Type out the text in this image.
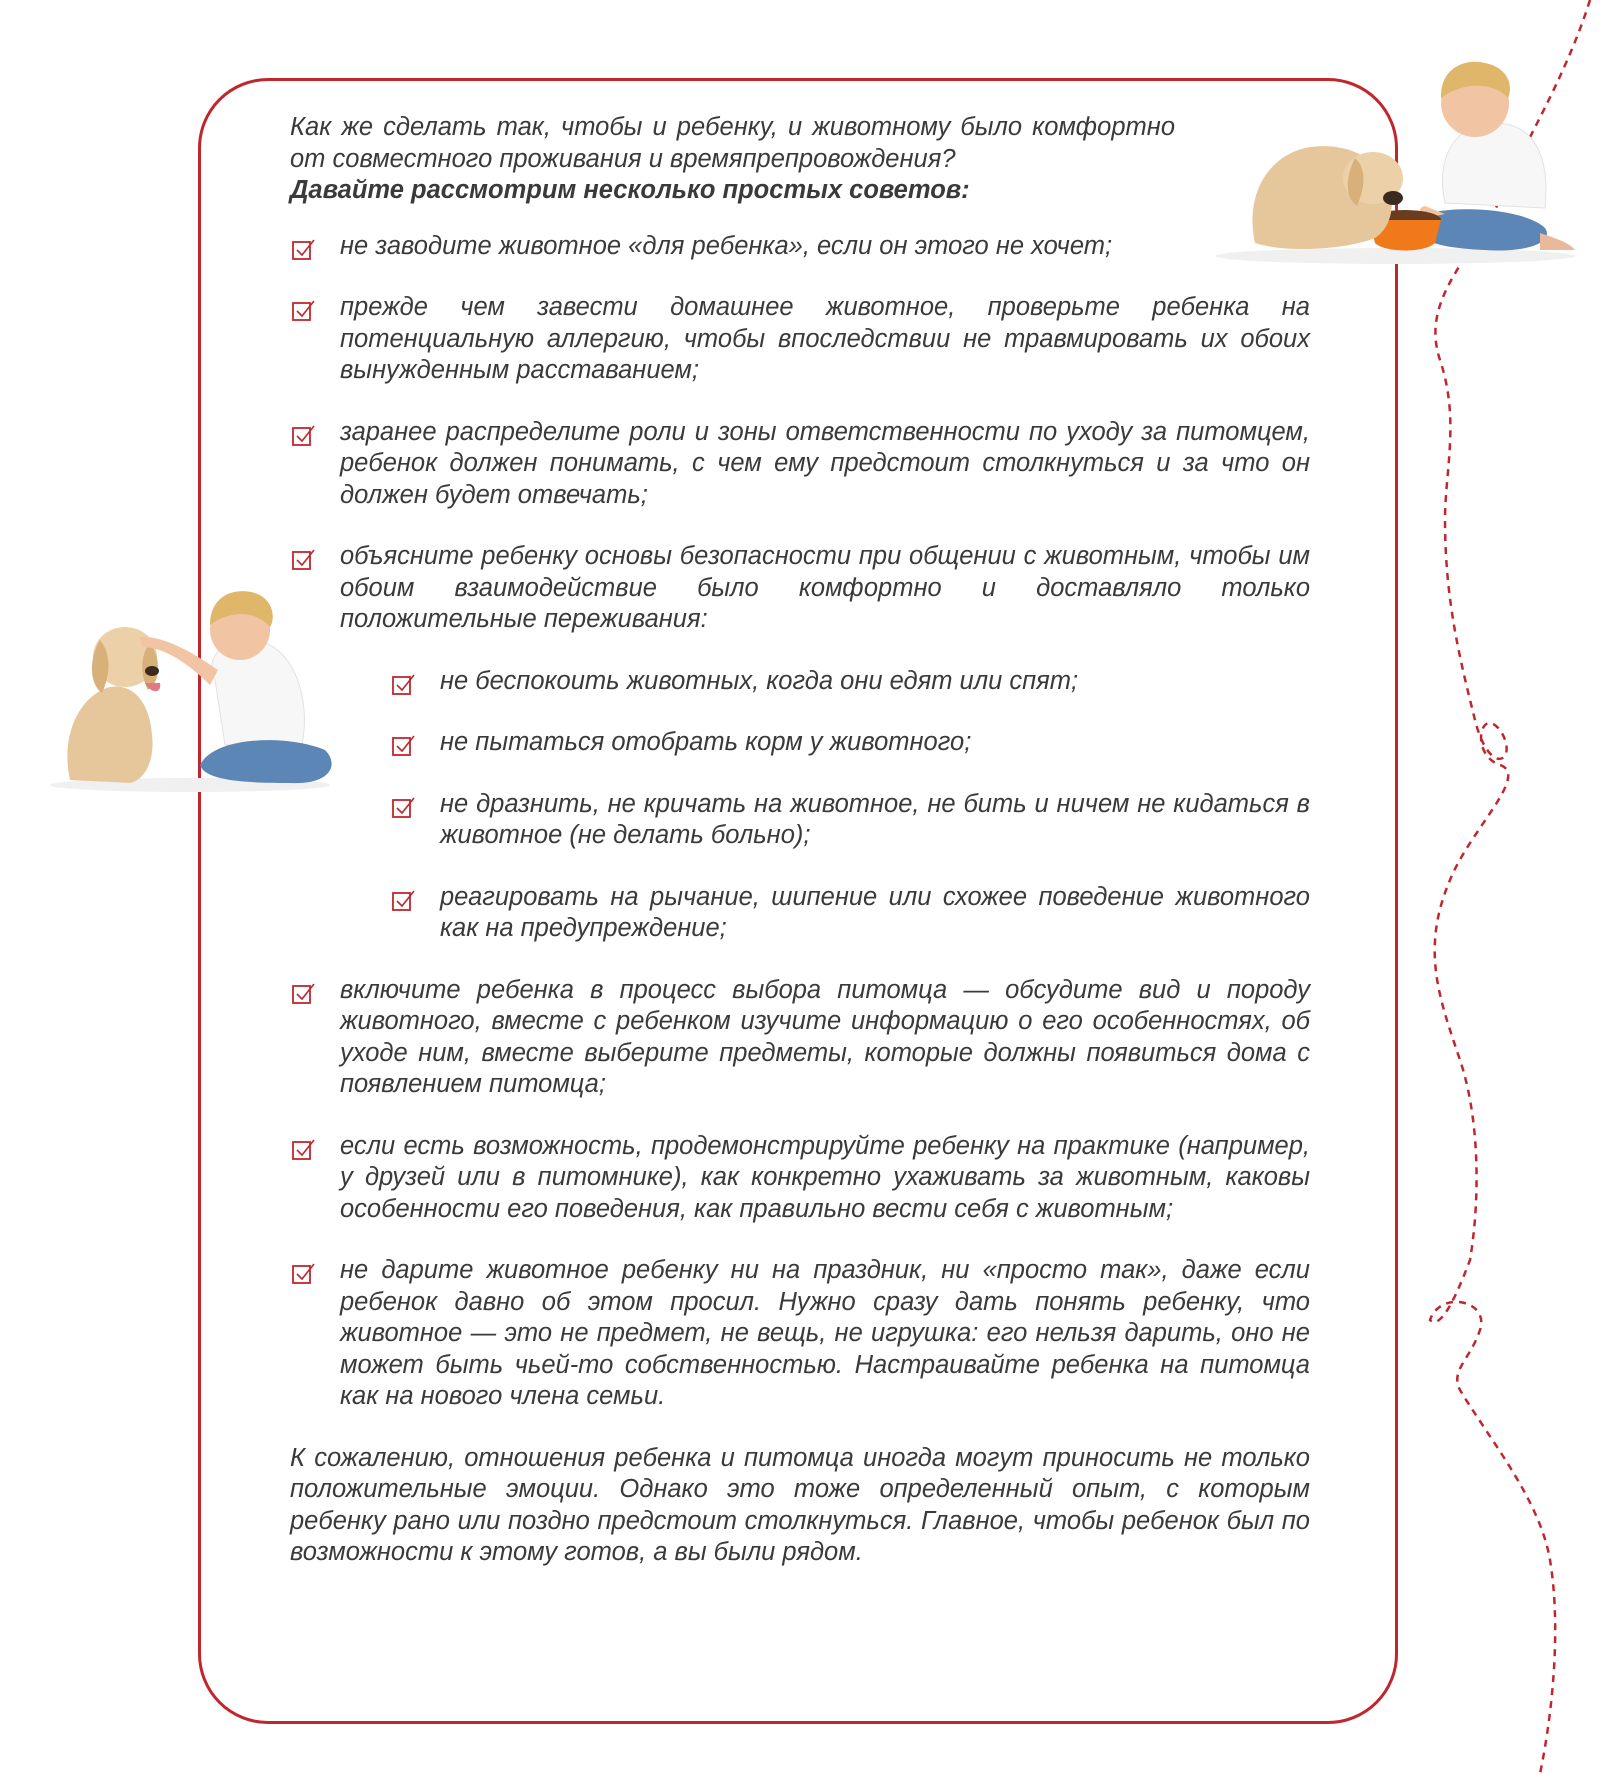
Как же сделать так, чтобы и ребенку, и животному было комфортно от совместного проживания и времяпрепровождения?
Давайте рассмотрим несколько простых советов:

не заводите животное «для ребенка», если он этого не хочет;
прежде чем завести домашнее животное, проверьте ребенка на потенциальную аллергию, чтобы впоследствии не травмировать их обоих вынужденным расставанием;
заранее распределите роли и зоны ответственности по уходу за питомцем, ребенок должен понимать, с чем ему предстоит столкнуться и за что он должен будет отвечать;
объясните ребенку основы безопасности при общении с животным, чтобы им обоим взаимодействие было комфортно и доставляло только положительные переживания:
не беспокоить животных, когда они едят или спят;
не пытаться отобрать корм у животного;
не дразнить, не кричать на животное, не бить и ничем не кидаться в животное (не делать больно);
реагировать на рычание, шипение или схожее поведение животного как на предупреждение;
включите ребенка в процесс выбора питомца — обсудите вид и породу животного, вместе с ребенком изучите информацию о его особенностях, об уходе ним, вместе выберите предметы, которые должны появиться дома с появлением питомца;
если есть возможность, продемонстрируйте ребенку на практике (например, у друзей или в питомнике), как конкретно ухаживать за животным, каковы особенности его поведения, как правильно вести себя с животным;
не дарите животное ребенку ни на праздник, ни «просто так», даже если ребенок давно об этом просил. Нужно сразу дать понять ребенку, что животное — это не предмет, не вещь, не игрушка: его нельзя дарить, оно не может быть чьей-то собственностью. Настраивайте ребенка на питомца как на нового члена семьи.

К сожалению, отношения ребенка и питомца иногда могут приносить не только положительные эмоции. Однако это тоже определенный опыт, с которым ребенку рано или поздно предстоит столкнуться. Главное, чтобы ребенок был по возможности к этому готов, а вы были рядом.
